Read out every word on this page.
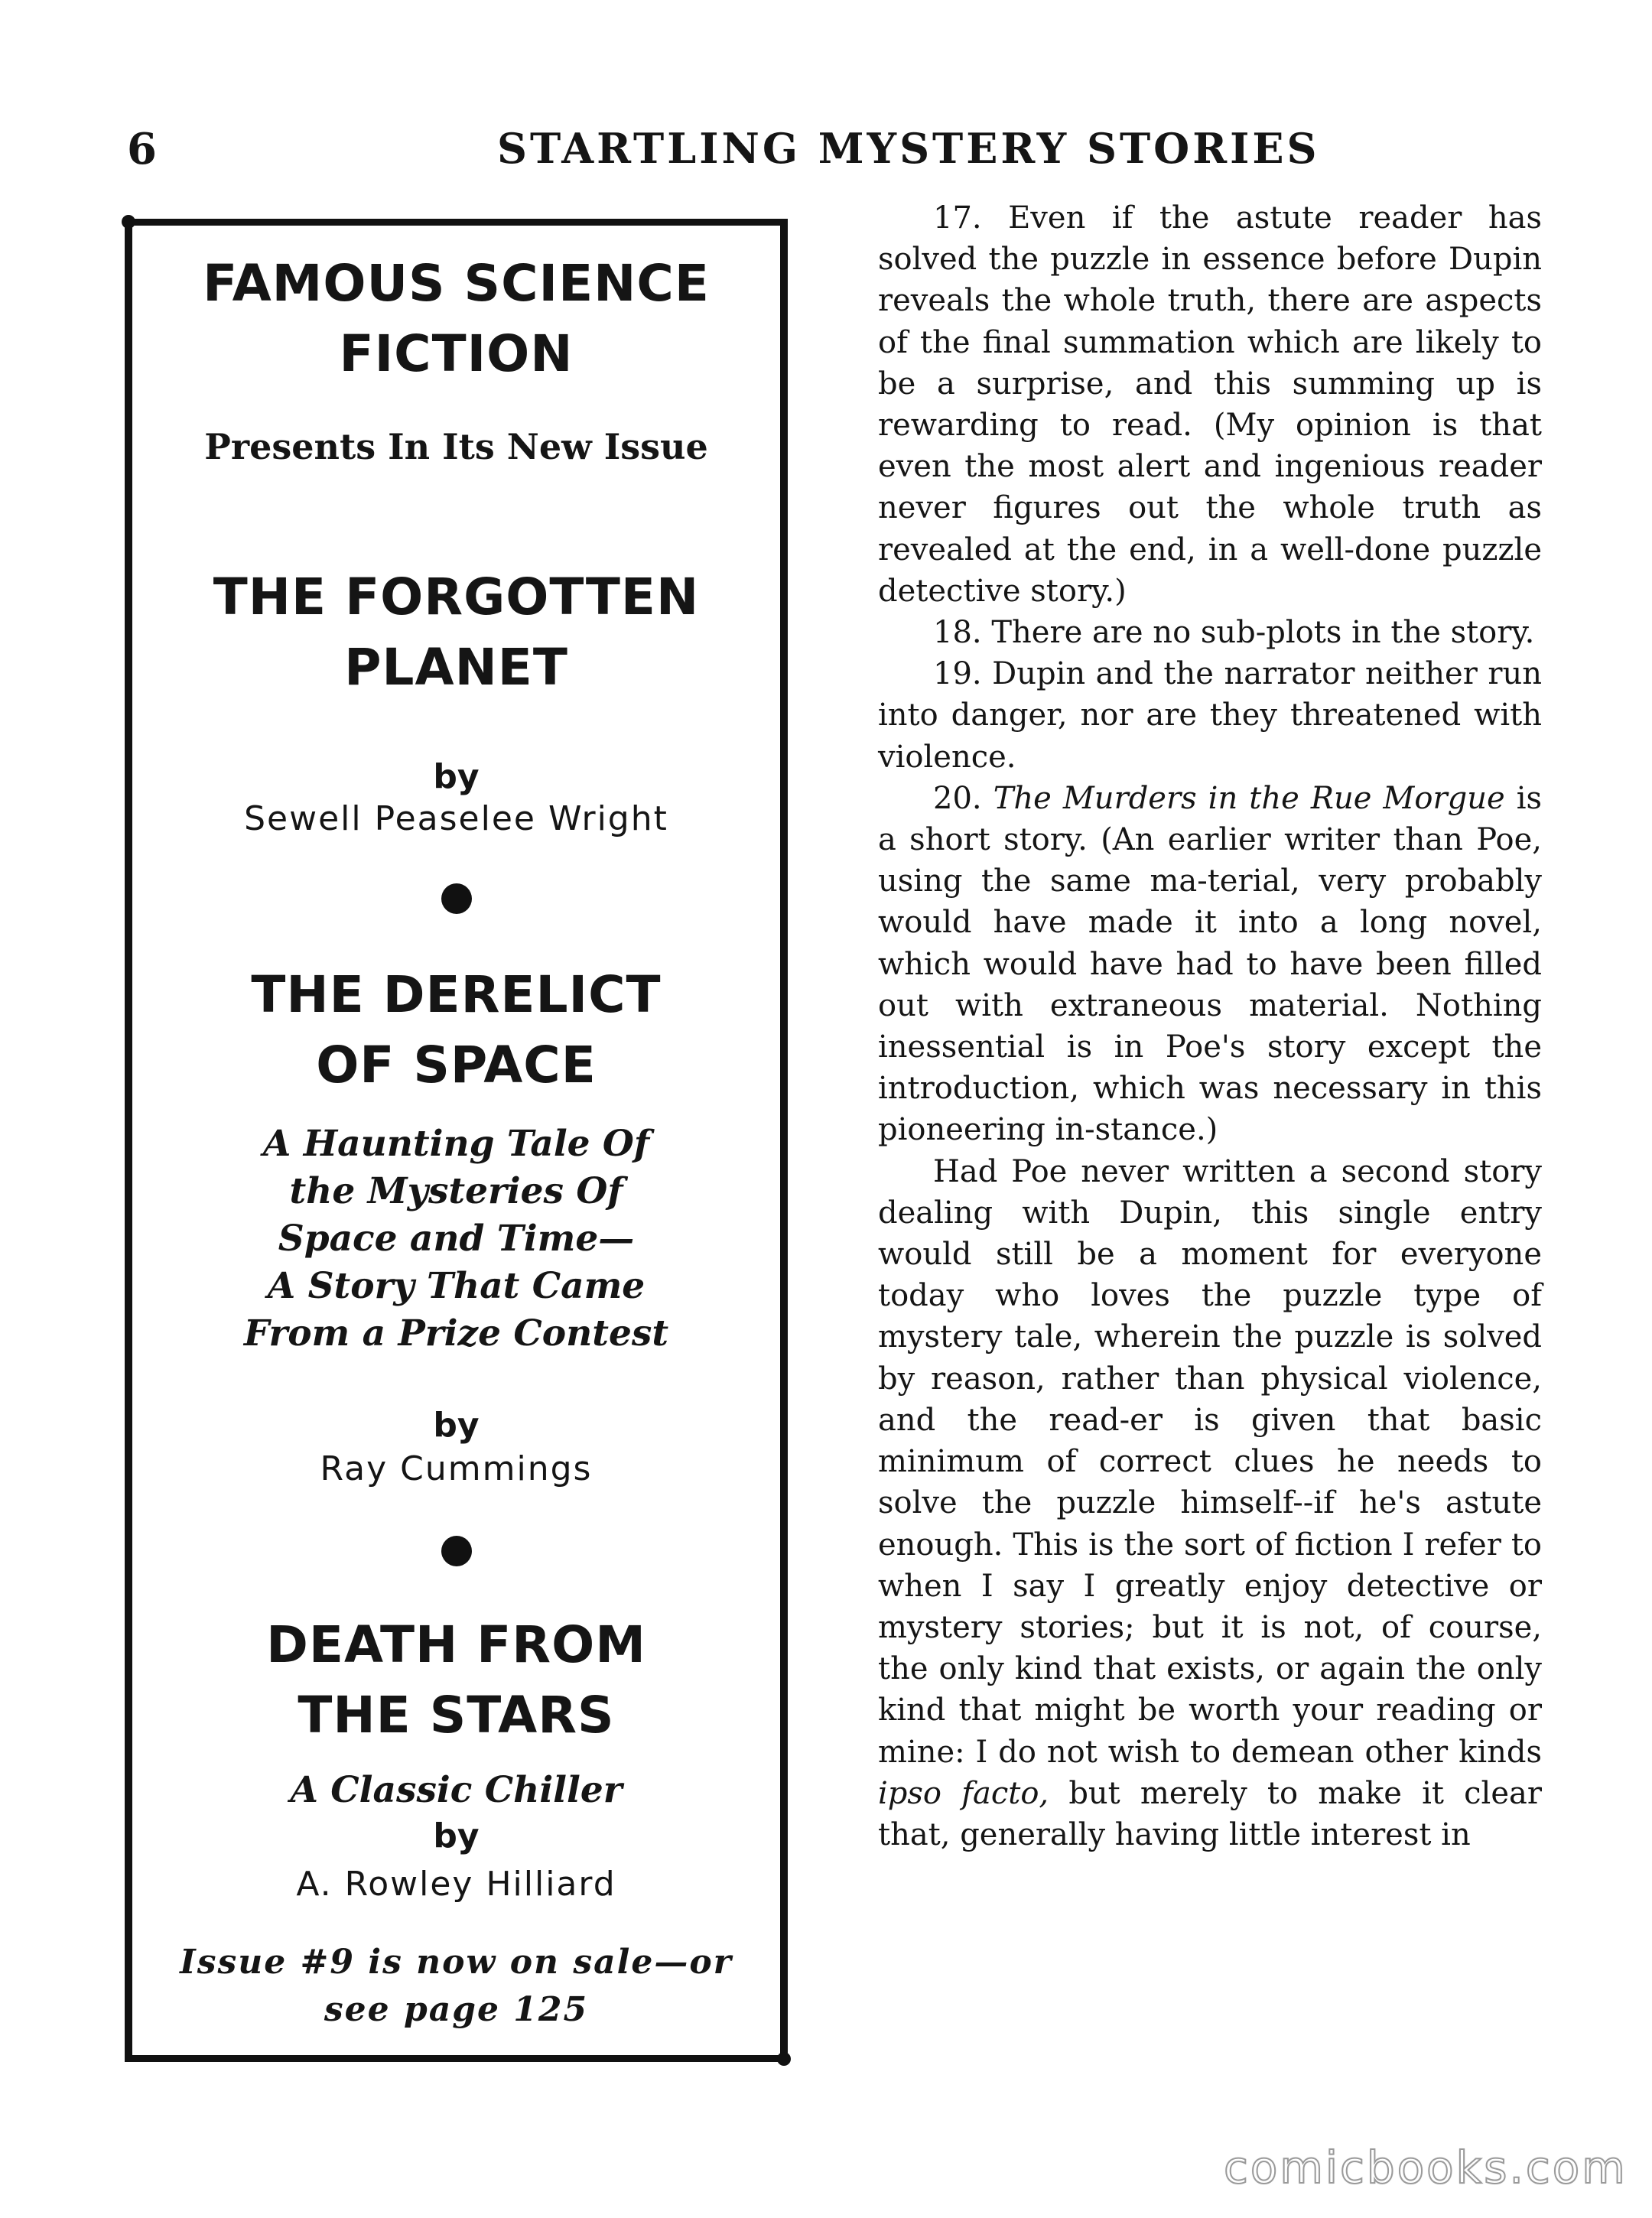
6	STARTLING MYSTERY STORIES
FAMOUS SCIENCE
FICTION
Presents In Its New Issue
THE FORGOTTEN
PLANET
by
Sewell Peaselee Wright
THE DERELICT
OF SPACE
A Haunting Tale Of
the Mysteries Of
Space and Time—
A Story That Came
From a Prize Contest
by
Ray Cummings
DEATH FROM
THE STARS
A Classic Chiller
by
A. Rowley Hilliard
Issue #9 is now on sale—or
see page 125

17. Even if the astute reader has solved the puzzle in essence before Dupin reveals the whole truth, there are aspects of the final summation which are likely to be a surprise, and this summing up is rewarding to read. (My opinion is that even the most alert and ingenious reader never figures out the whole truth as revealed at the end, in a well-done puzzle detective story.)

18. There are no sub-plots in the story.

19. Dupin and the narrator neither run into danger, nor are they threatened with violence.

20. The Murders in the Rue Morgue is a short story. (An earlier writer than Poe, using the same ma-terial, very probably would have made it into a long novel, which would have had to have been filled out with extraneous material. Nothing inessential is in Poe's story except the introduction, which was necessary in this pioneering in-stance.)

Had Poe never written a second story dealing with Dupin, this single entry would still be a moment for everyone today who loves the puzzle type of mystery tale, wherein the puzzle is solved by reason, rather than physical violence, and the read-er is given that basic minimum of correct clues he needs to solve the puzzle himself--if he's astute enough. This is the sort of fiction I refer to when I say I greatly enjoy detective or mystery stories; but it is not, of course, the only kind that exists, or again the only kind that might be worth your reading or mine: I do not wish to demean other kinds ipso facto, but merely to make it clear that, generally having little interest in

comicbooks.com
